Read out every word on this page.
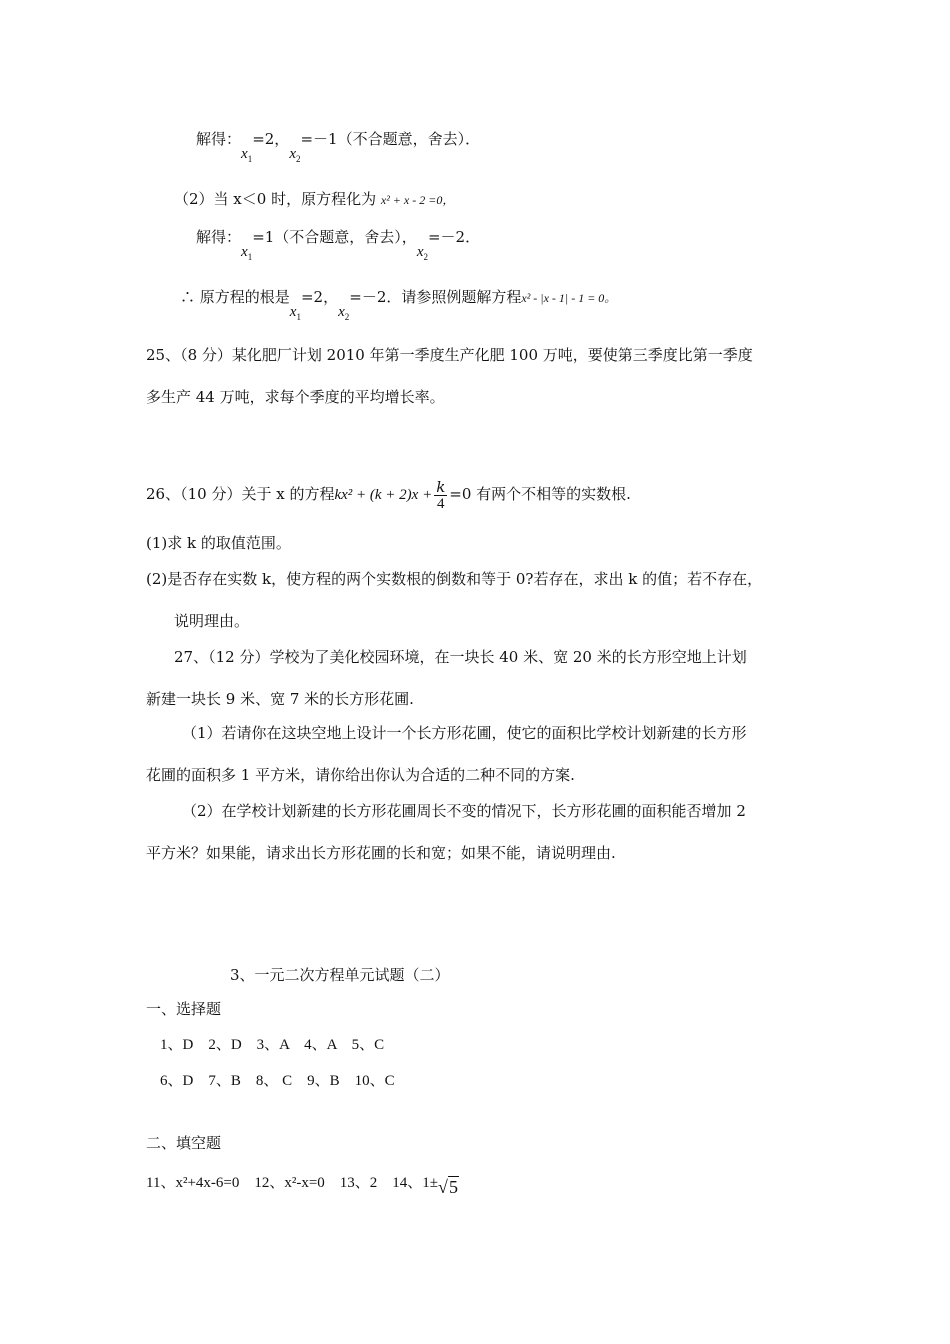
解得：$x_1=2$，$x_2=-1$（不合题意，舍去）．
（2）当 x＜0 时，原方程化为 x² + x - 2 =0，
解得：$x_1=1$（不合题意，舍去），$x_2=-2$．
∴ 原方程的根是$x_1=2$，$x_2=-2$．请参照例题解方程x² - |x - 1| - 1 = 0。
25、（8 分）某化肥厂计划 2010 年第一季度生产化肥 100 万吨，要使第三季度比第一季度
多生产 44 万吨，求每个季度的平均增长率。
26、（10 分）关于 x 的方程$kx^2 + (k + 2)x + \frac{k}{4} =0$ 有两个不相等的实数根.
(1)求 k 的取值范围。
(2)是否存在实数 k，使方程的两个实数根的倒数和等于 0?若存在，求出 k 的值；若不存在，
说明理由。
27、（12 分）学校为了美化校园环境，在一块长 40 米、宽 20 米的长方形空地上计划
新建一块长 9 米、宽 7 米的长方形花圃.
（1）若请你在这块空地上设计一个长方形花圃，使它的面积比学校计划新建的长方形
花圃的面积多 1 平方米，请你给出你认为合适的二种不同的方案.
（2）在学校计划新建的长方形花圃周长不变的情况下，长方形花圃的面积能否增加 2
平方米？如果能，请求出长方形花圃的长和宽；如果不能，请说明理由.
3、一元二次方程单元试题（二）
一、选择题
1、D　2、D　3、A　4、A　5、C
6、D　7、B　8、 C　9、B　10、C
二、填空题
11、x²+4x-6=0　12、x²-x=0　13、2　14、1±√5
